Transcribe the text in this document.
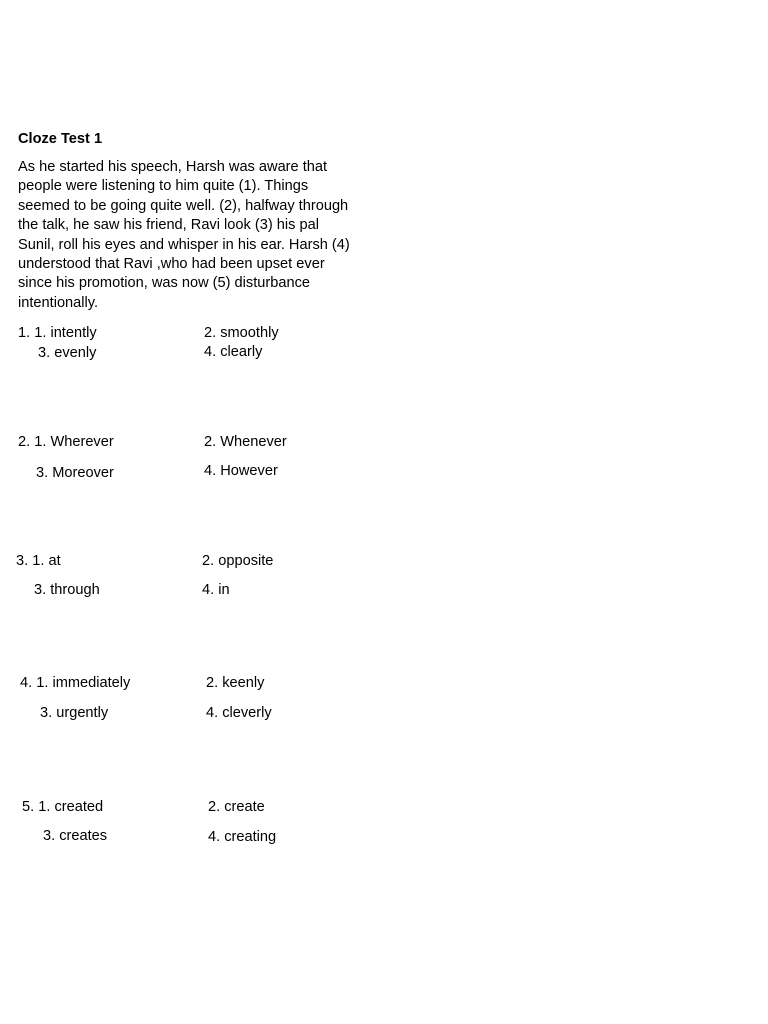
Cloze Test 1
As he started his speech, Harsh was aware that
people were listening to him quite (1). Things
seemed to be going quite well. (2), halfway through
the talk, he saw his friend, Ravi look (3) his pal
Sunil, roll his eyes and whisper in his ear. Harsh (4)
understood that Ravi ,who had been upset ever
since his promotion, was now (5) disturbance
intentionally.
1. 1. intently	2. smoothly
3. evenly	4. clearly
2. 1. Wherever	2. Whenever
3. Moreover	4. However
3. 1. at	2. opposite
3. through	4. in
4. 1. immediately	2. keenly
3. urgently	4. cleverly
5. 1. created	2. create
3. creates	4. creating
